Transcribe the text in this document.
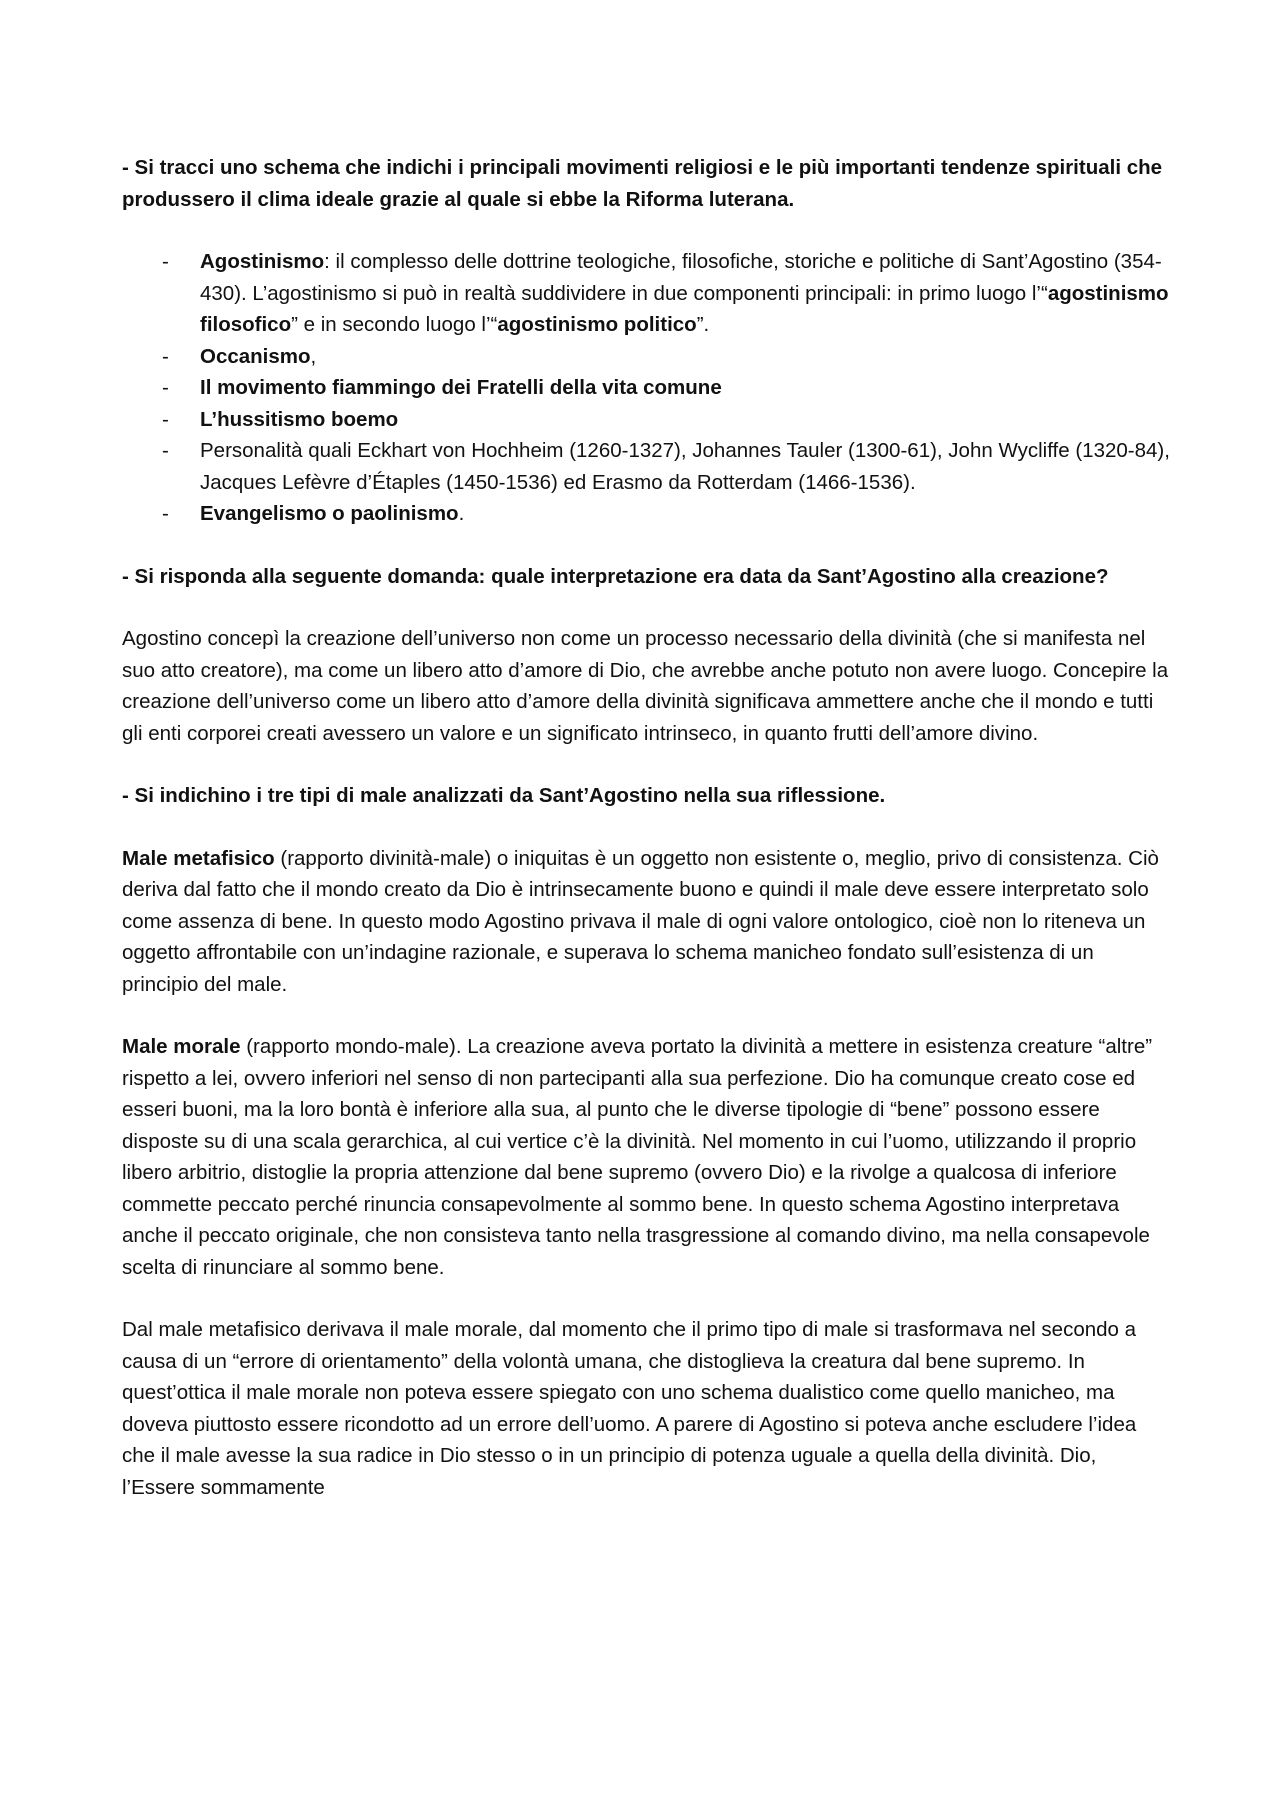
- Si tracci uno schema che indichi i principali movimenti religiosi e le più importanti tendenze spirituali che produssero il clima ideale grazie al quale si ebbe la Riforma luterana.

- Agostinismo: il complesso delle dottrine teologiche, filosofiche, storiche e politiche di Sant’Agostino (354-430). L’agostinismo si può in realtà suddividere in due componenti principali: in primo luogo l’“agostinismo filosofico” e in secondo luogo l’“agostinismo politico”.
- Occanismo,
- Il movimento fiammingo dei Fratelli della vita comune
- L’hussitismo boemo
- Personalità quali Eckhart von Hochheim (1260-1327), Johannes Tauler (1300-61), John Wycliffe (1320-84), Jacques Lefèvre d’Étaples (1450-1536) ed Erasmo da Rotterdam (1466-1536).
- Evangelismo o paolinismo.

- Si risponda alla seguente domanda: quale interpretazione era data da Sant’Agostino alla creazione?

Agostino concepì la creazione dell’universo non come un processo necessario della divinità (che si manifesta nel suo atto creatore), ma come un libero atto d’amore di Dio, che avrebbe anche potuto non avere luogo. Concepire la creazione dell’universo come un libero atto d’amore della divinità significava ammettere anche che il mondo e tutti gli enti corporei creati avessero un valore e un significato intrinseco, in quanto frutti dell’amore divino.

- Si indichino i tre tipi di male analizzati da Sant’Agostino nella sua riflessione.

Male metafisico (rapporto divinità-male) o iniquitas è un oggetto non esistente o, meglio, privo di consistenza. Ciò deriva dal fatto che il mondo creato da Dio è intrinsecamente buono e quindi il male deve essere interpretato solo come assenza di bene. In questo modo Agostino privava il male di ogni valore ontologico, cioè non lo riteneva un oggetto affrontabile con un’indagine razionale, e superava lo schema manicheo fondato sull’esistenza di un principio del male.

Male morale (rapporto mondo-male). La creazione aveva portato la divinità a mettere in esistenza creature “altre” rispetto a lei, ovvero inferiori nel senso di non partecipanti alla sua perfezione. Dio ha comunque creato cose ed esseri buoni, ma la loro bontà è inferiore alla sua, al punto che le diverse tipologie di “bene” possono essere disposte su di una scala gerarchica, al cui vertice c’è la divinità. Nel momento in cui l’uomo, utilizzando il proprio libero arbitrio, distoglie la propria attenzione dal bene supremo (ovvero Dio) e la rivolge a qualcosa di inferiore commette peccato perché rinuncia consapevolmente al sommo bene. In questo schema Agostino interpretava anche il peccato originale, che non consisteva tanto nella trasgressione al comando divino, ma nella consapevole scelta di rinunciare al sommo bene.

Dal male metafisico derivava il male morale, dal momento che il primo tipo di male si trasformava nel secondo a causa di un “errore di orientamento” della volontà umana, che distoglieva la creatura dal bene supremo. In quest’ottica il male morale non poteva essere spiegato con uno schema dualistico come quello manicheo, ma doveva piuttosto essere ricondotto ad un errore dell’uomo. A parere di Agostino si poteva anche escludere l’idea che il male avesse la sua radice in Dio stesso o in un principio di potenza uguale a quella della divinità. Dio, l’Essere sommamente
